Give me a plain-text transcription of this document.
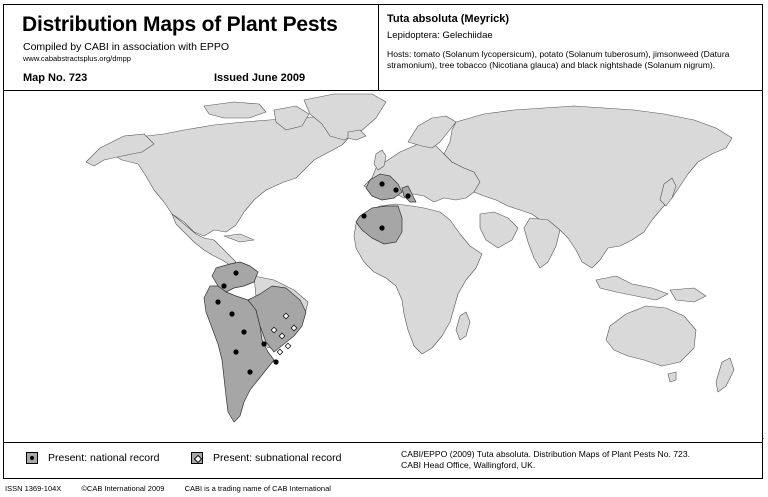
Distribution Maps of Plant Pests
Compiled by CABI in association with EPPO
www.cababstractsplus.org/dmpp
Map No. 723	Issued June 2009
Tuta absoluta (Meyrick)
Lepidoptera: Gelechiidae
Hosts: tomato (Solanum lycopersicum), potato (Solanum tuberosum), jimsonweed (Datura stramonium), tree tobacco (Nicotiana glauca) and black nightshade (Solanum nigrum).
Present: national record	Present: subnational record	CABI/EPPO (2009) Tuta absoluta. Distribution Maps of Plant Pests No. 723.
CABI Head Office, Wallingford, UK.
.
ISSN 1369-104X	©CAB International 2009	CABI is a trading name of CAB International
